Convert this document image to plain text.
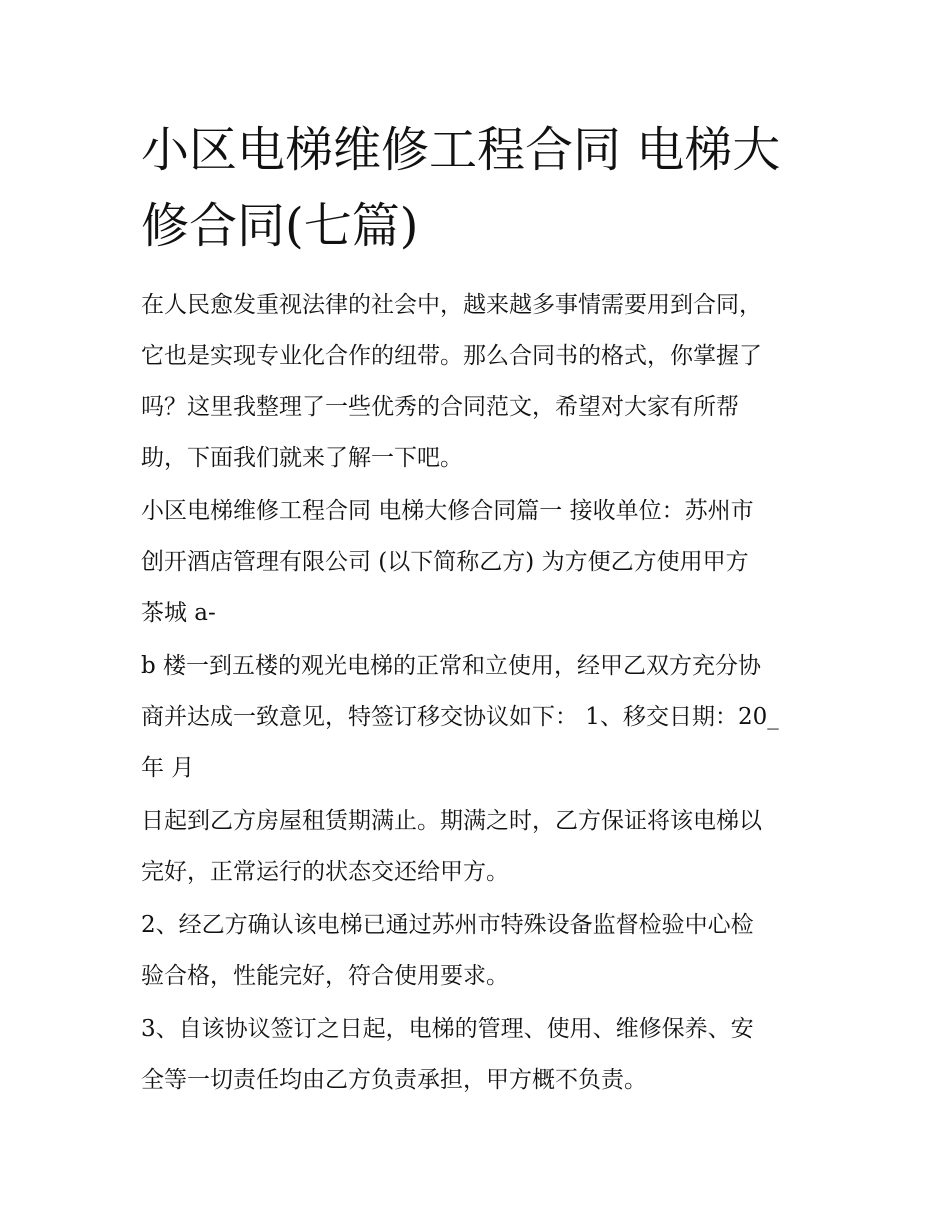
小区电梯维修工程合同 电梯大
修合同(七篇)

在人民愈发重视法律的社会中，越来越多事情需要用到合同，
它也是实现专业化合作的纽带。那么合同书的格式，你掌握了
吗？这里我整理了一些优秀的合同范文，希望对大家有所帮
助，下面我们就来了解一下吧。

小区电梯维修工程合同 电梯大修合同篇一 接收单位：苏州市
创开酒店管理有限公司 (以下简称乙方) 为方便乙方使用甲方
茶城 a-

b 楼一到五楼的观光电梯的正常和立使用，经甲乙双方充分协
商并达成一致意见，特签订移交协议如下： 1、移交日期：20_
年 月

日起到乙方房屋租赁期满止。期满之时，乙方保证将该电梯以
完好，正常运行的状态交还给甲方。

2、经乙方确认该电梯已通过苏州市特殊设备监督检验中心检
验合格，性能完好，符合使用要求。

3、自该协议签订之日起，电梯的管理、使用、维修保养、安
全等一切责任均由乙方负责承担，甲方概不负责。
